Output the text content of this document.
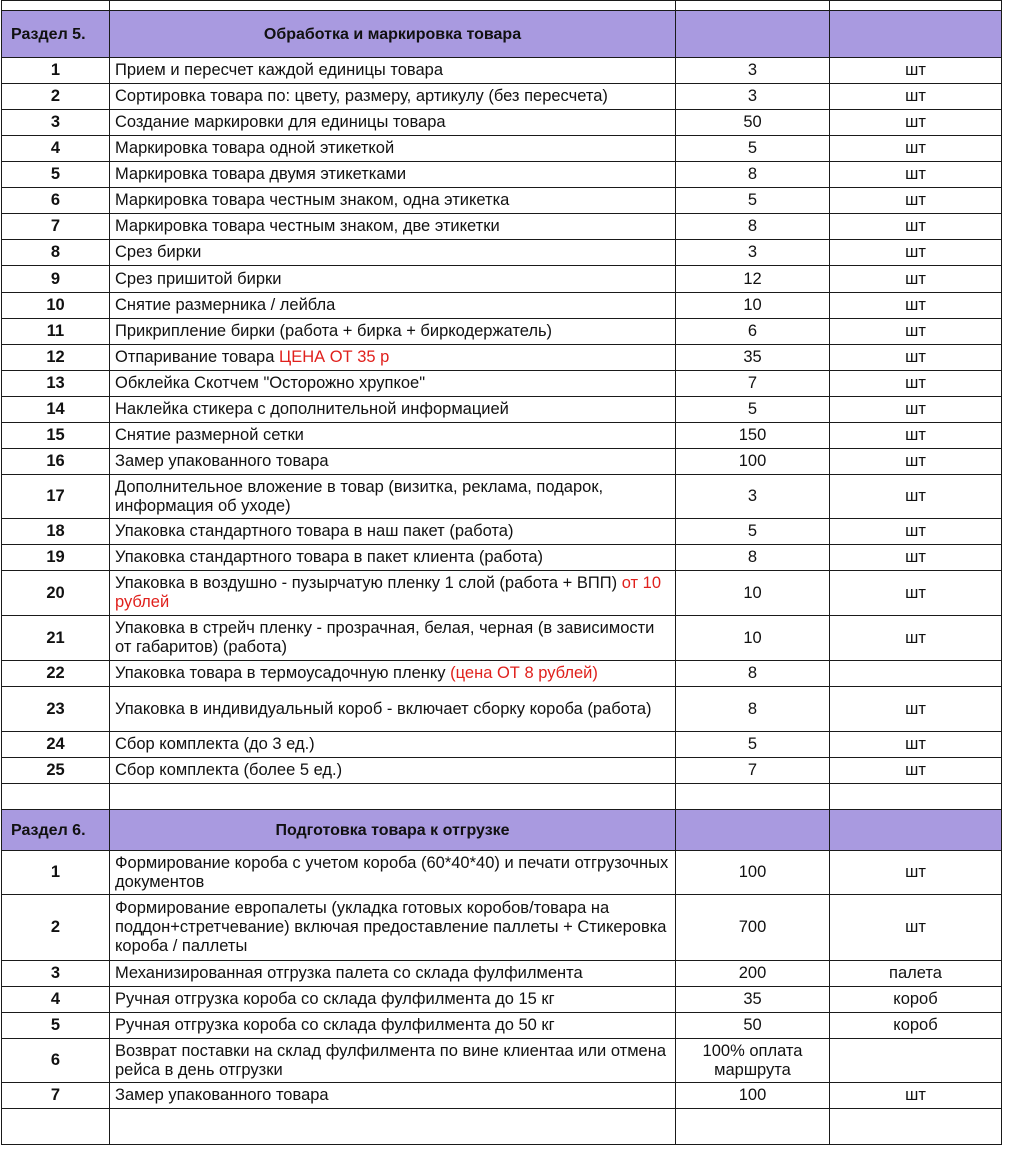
Раздел 5.	Обработка и маркировка товара		
1	Прием и пересчет каждой единицы товара	3	шт
2	Сортировка товара по: цвету, размеру, артикулу (без пересчета)	3	шт
3	Создание маркировки для единицы товара	50	шт
4	Маркировка товара одной этикеткой	5	шт
5	Маркировка товара двумя этикетками	8	шт
6	Маркировка товара честным знаком, одна этикетка	5	шт
7	Маркировка товара честным знаком, две этикетки	8	шт
8	Срез бирки	3	шт
9	Срез пришитой бирки	12	шт
10	Снятие размерника / лейбла	10	шт
11	Прикрипление бирки (работа + бирка + биркодержатель)	6	шт
12	Отпаривание товара ЦЕНА ОТ 35 р	35	шт
13	Обклейка Скотчем "Осторожно хрупкое"	7	шт
14	Наклейка стикера с дополнительной информацией	5	шт
15	Снятие размерной сетки	150	шт
16	Замер упакованного товара	100	шт
17	Дополнительное вложение в товар (визитка, реклама, подарок, информация об уходе)	3	шт
18	Упаковка стандартного товара в наш пакет (работа)	5	шт
19	Упаковка стандартного товара в пакет клиента (работа)	8	шт
20	Упаковка в воздушно - пузырчатую пленку 1 слой (работа + ВПП) от 10 рублей	10	шт
21	Упаковка в стрейч пленку - прозрачная, белая, черная (в зависимости от габаритов) (работа)	10	шт
22	Упаковка товара в термоусадочную пленку (цена ОТ 8 рублей)	8	
23	Упаковка в индивидуальный короб - включает сборку короба (работа)	8	шт
24	Сбор комплекта (до 3 ед.)	5	шт
25	Сбор комплекта (более 5 ед.)	7	шт

Раздел 6.	Подготовка товара к отгрузке		
1	Формирование короба с учетом короба (60*40*40) и печати отгрузочных документов	100	шт
2	Формирование европалеты (укладка готовых коробов/товара на поддон+стретчевание) включая предоставление паллеты + Стикеровка короба / паллеты	700	шт
3	Механизированная отгрузка палета со склада фулфилмента	200	палета
4	Ручная отгрузка короба со склада фулфилмента до 15 кг	35	короб
5	Ручная отгрузка короба со склада фулфилмента до 50 кг	50	короб
6	Возврат поставки на склад фулфилмента по вине клиентаа или отмена рейса в день отгрузки	100% оплата маршрута	
7	Замер упакованного товара	100	шт
